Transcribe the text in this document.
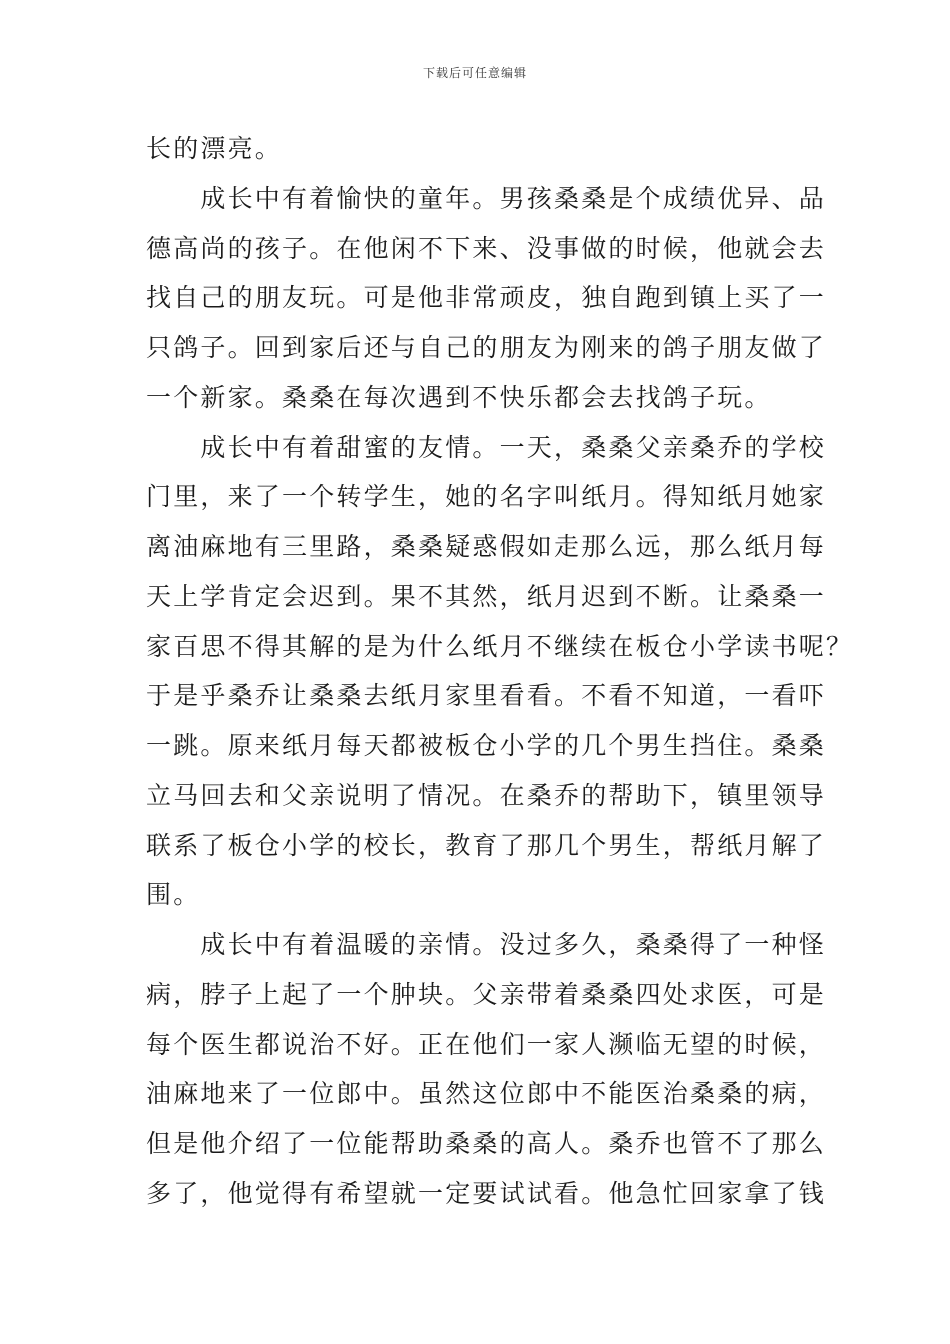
下载后可任意编辑
长的漂亮。
　　成长中有着愉快的童年。男孩桑桑是个成绩优异、品
德高尚的孩子。在他闲不下来、没事做的时候，他就会去
找自己的朋友玩。可是他非常顽皮，独自跑到镇上买了一
只鸽子。回到家后还与自己的朋友为刚来的鸽子朋友做了
一个新家。桑桑在每次遇到不快乐都会去找鸽子玩。
　　成长中有着甜蜜的友情。一天，桑桑父亲桑乔的学校
门里，来了一个转学生，她的名字叫纸月。得知纸月她家
离油麻地有三里路，桑桑疑惑假如走那么远，那么纸月每
天上学肯定会迟到。果不其然，纸月迟到不断。让桑桑一
家百思不得其解的是为什么纸月不继续在板仓小学读书呢？
于是乎桑乔让桑桑去纸月家里看看。不看不知道，一看吓
一跳。原来纸月每天都被板仓小学的几个男生挡住。桑桑
立马回去和父亲说明了情况。在桑乔的帮助下，镇里领导
联系了板仓小学的校长，教育了那几个男生，帮纸月解了
围。
　　成长中有着温暖的亲情。没过多久，桑桑得了一种怪
病，脖子上起了一个肿块。父亲带着桑桑四处求医，可是
每个医生都说治不好。正在他们一家人濒临无望的时候，
油麻地来了一位郎中。虽然这位郎中不能医治桑桑的病，
但是他介绍了一位能帮助桑桑的高人。桑乔也管不了那么
多了，他觉得有希望就一定要试试看。他急忙回家拿了钱
